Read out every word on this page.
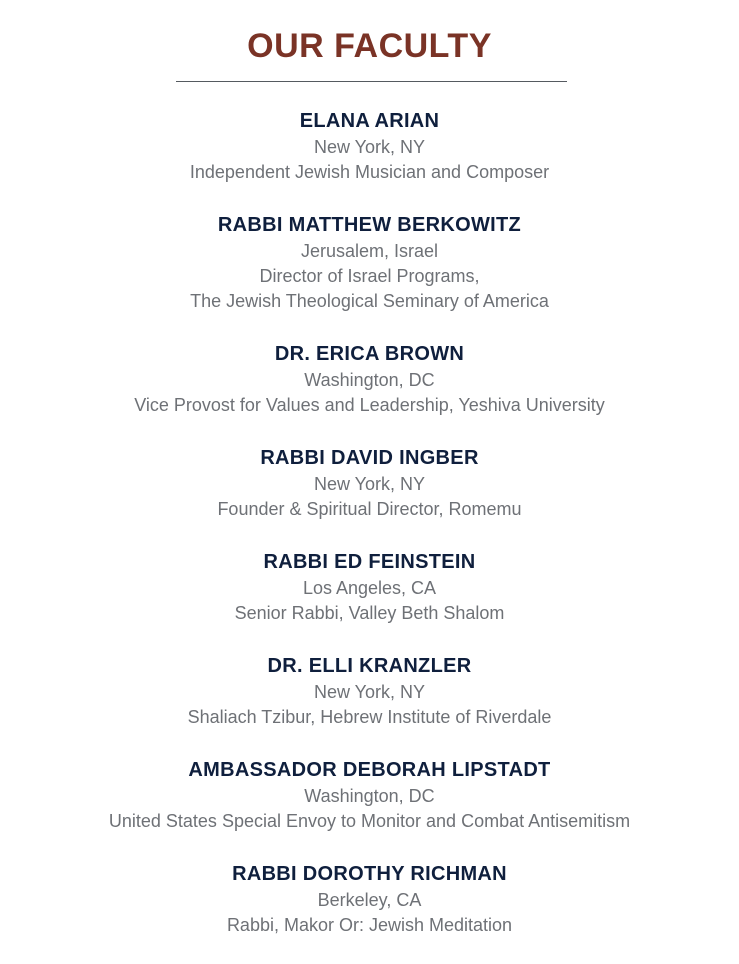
OUR FACULTY
ELANA ARIAN
New York, NY
Independent Jewish Musician and Composer
RABBI MATTHEW BERKOWITZ
Jerusalem, Israel
Director of Israel Programs,
The Jewish Theological Seminary of America
DR. ERICA BROWN
Washington, DC
Vice Provost for Values and Leadership, Yeshiva University
RABBI DAVID INGBER
New York, NY
Founder & Spiritual Director, Romemu
RABBI ED FEINSTEIN
Los Angeles, CA
Senior Rabbi, Valley Beth Shalom
DR. ELLI KRANZLER
New York, NY
Shaliach Tzibur, Hebrew Institute of Riverdale
AMBASSADOR DEBORAH LIPSTADT
Washington, DC
United States Special Envoy to Monitor and Combat Antisemitism
RABBI DOROTHY RICHMAN
Berkeley, CA
Rabbi, Makor Or: Jewish Meditation
